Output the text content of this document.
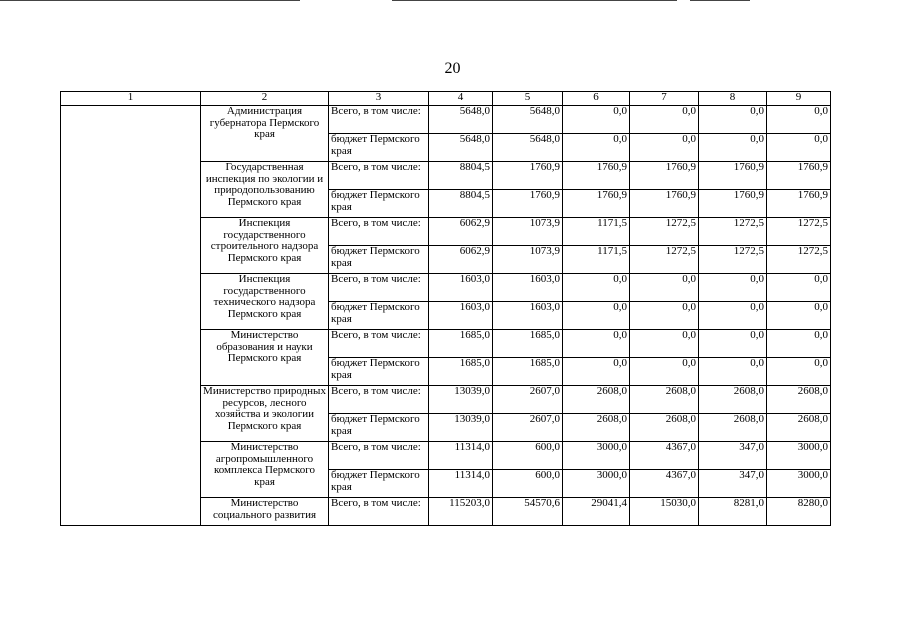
20
1	2	3	4	5	6	7	8	9
	Администрация губернатора Пермского края	Всего, в том числе:	5648,0	5648,0	0,0	0,0	0,0	0,0
		бюджет Пермского края	5648,0	5648,0	0,0	0,0	0,0	0,0
	Государственная инспекция по экологии и природопользованию Пермского края	Всего, в том числе:	8804,5	1760,9	1760,9	1760,9	1760,9	1760,9
		бюджет Пермского края	8804,5	1760,9	1760,9	1760,9	1760,9	1760,9
	Инспекция государственного строительного надзора Пермского края	Всего, в том числе:	6062,9	1073,9	1171,5	1272,5	1272,5	1272,5
		бюджет Пермского края	6062,9	1073,9	1171,5	1272,5	1272,5	1272,5
	Инспекция государственного технического надзора Пермского края	Всего, в том числе:	1603,0	1603,0	0,0	0,0	0,0	0,0
		бюджет Пермского края	1603,0	1603,0	0,0	0,0	0,0	0,0
	Министерство образования и науки Пермского края	Всего, в том числе:	1685,0	1685,0	0,0	0,0	0,0	0,0
		бюджет Пермского края	1685,0	1685,0	0,0	0,0	0,0	0,0
	Министерство природных ресурсов, лесного хозяйства и экологии Пермского края	Всего, в том числе:	13039,0	2607,0	2608,0	2608,0	2608,0	2608,0
		бюджет Пермского края	13039,0	2607,0	2608,0	2608,0	2608,0	2608,0
	Министерство агропромышленного комплекса Пермского края	Всего, в том числе:	11314,0	600,0	3000,0	4367,0	347,0	3000,0
		бюджет Пермского края	11314,0	600,0	3000,0	4367,0	347,0	3000,0
	Министерство социального развития	Всего, в том числе:	115203,0	54570,6	29041,4	15030,0	8281,0	8280,0
